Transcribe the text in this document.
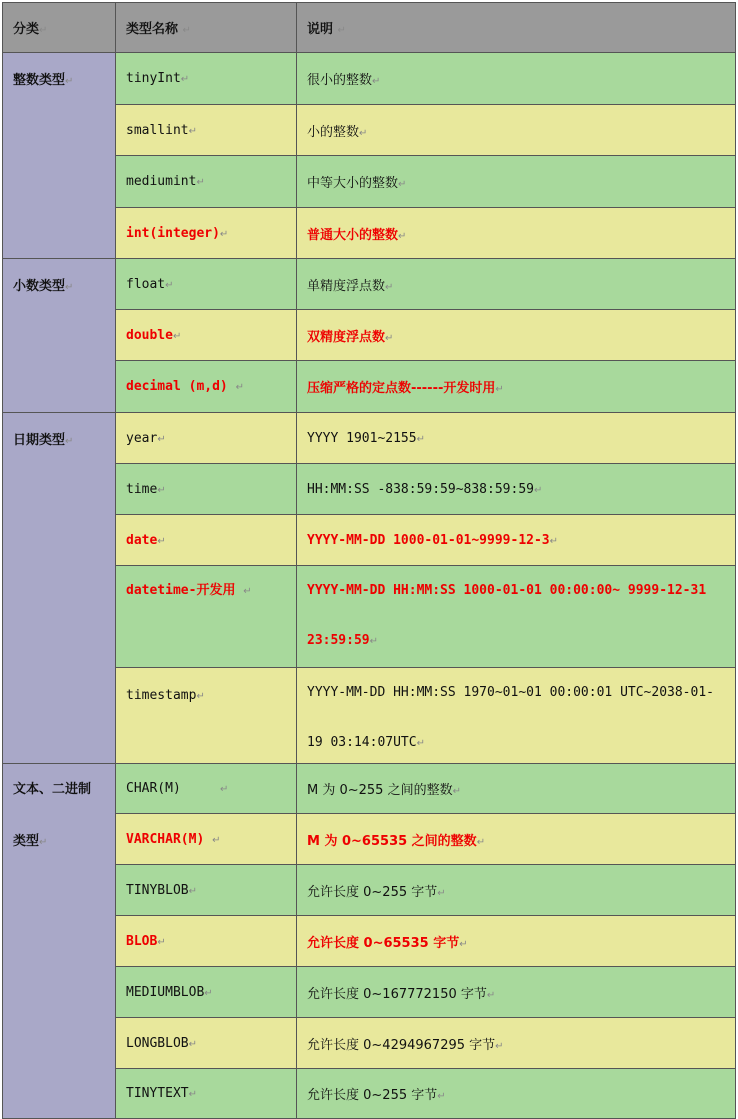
分类↵	类型名称 ↵	说明 ↵
整数类型↵	tinyInt↵	很小的整数↵
	smallint↵	小的整数↵
	mediumint↵	中等大小的整数↵
	int(integer)↵	普通大小的整数↵
小数类型↵	float↵	单精度浮点数↵
	double↵	双精度浮点数↵
	decimal (m,d) ↵	压缩严格的定点数------开发时用↵
日期类型↵	year↵	YYYY 1901~2155↵
	time↵	HH:MM:SS -838:59:59~838:59:59↵
	date↵	YYYY-MM-DD 1000-01-01~9999-12-3↵
	datetime-开发用 ↵	YYYY-MM-DD HH:MM:SS 1000-01-01 00:00:00~ 9999-12-31 23:59:59↵
	timestamp↵	YYYY-MM-DD HH:MM:SS 1970~01~01 00:00:01 UTC~2038-01-19 03:14:07UTC↵
文本、二进制
类型↵	CHAR(M) ↵	M 为 0~255 之间的整数↵
	VARCHAR(M) ↵	M 为 0~65535 之间的整数↵
	TINYBLOB↵	允许长度 0~255 字节↵
	BLOB↵	允许长度 0~65535 字节↵
	MEDIUMBLOB↵	允许长度 0~167772150 字节↵
	LONGBLOB↵	允许长度 0~4294967295 字节↵
	TINYTEXT↵	允许长度 0~255 字节↵
